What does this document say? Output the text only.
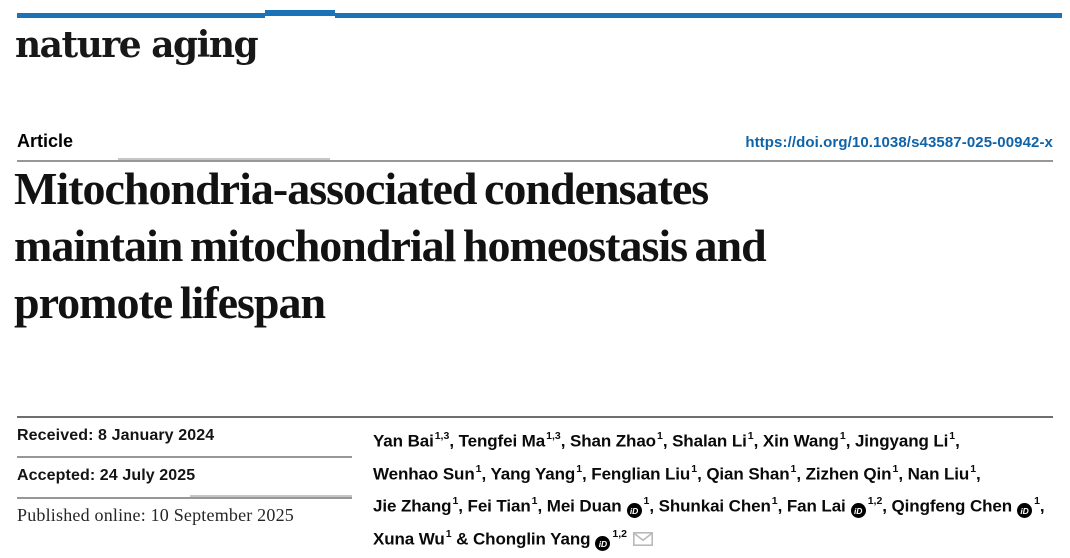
nature aging
Article	https://doi.org/10.1038/s43587-025-00942-x
Mitochondria-associated condensates
maintain mitochondrial homeostasis and
promote lifespan
Received: 8 January 2024
Accepted: 24 July 2025
Published online: 10 September 2025
Yan Bai$^{1,3}$, Tengfei Ma$^{1,3}$, Shan Zhao$^1$, Shalan Li$^1$, Xin Wang$^1$, Jingyang Li$^1$,
Wenhao Sun$^1$, Yang Yang$^1$, Fenglian Liu$^1$, Qian Shan$^1$, Zizhen Qin$^1$, Nan Liu$^1$,
Jie Zhang$^1$, Fei Tian$^1$, Mei Duan $iD^1$, Shunkai Chen$^1$, Fan Lai iD$^{1,2}$, Qingfeng Chen $iD^1$,
Xuna Wu$^1$ & Chonglin Yang iD$^{1,2}$
